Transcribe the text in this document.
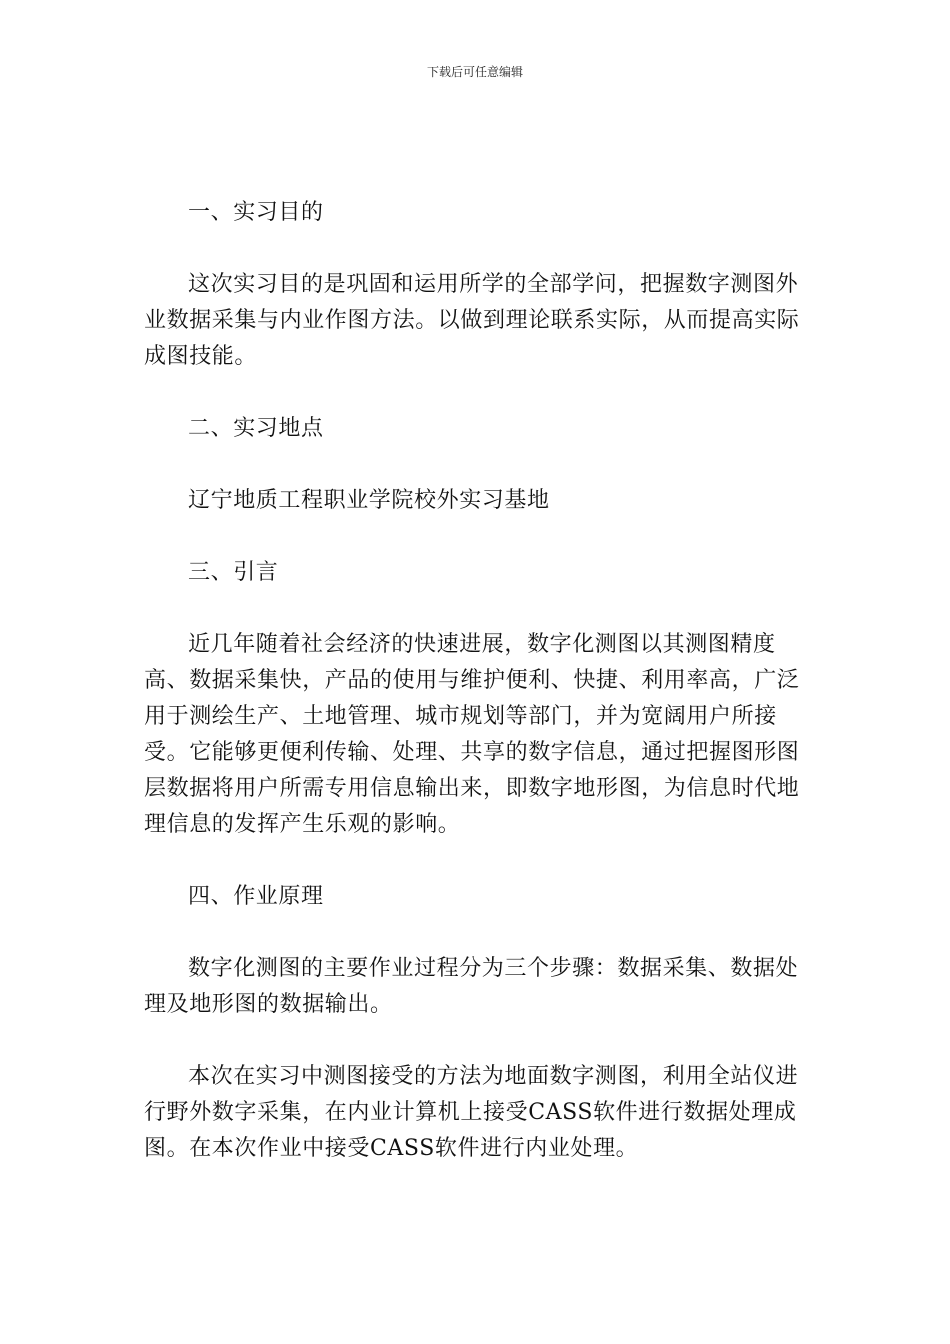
下载后可任意编辑

一、实习目的

这次实习目的是巩固和运用所学的全部学问，把握数字测图外业数据采集与内业作图方法。以做到理论联系实际，从而提高实际成图技能。

二、实习地点

辽宁地质工程职业学院校外实习基地

三、引言

近几年随着社会经济的快速进展，数字化测图以其测图精度高、数据采集快，产品的使用与维护便利、快捷、利用率高，广泛用于测绘生产、土地管理、城市规划等部门，并为宽阔用户所接受。它能够更便利传输、处理、共享的数字信息，通过把握图形图层数据将用户所需专用信息输出来，即数字地形图，为信息时代地理信息的发挥产生乐观的影响。

四、作业原理

数字化测图的主要作业过程分为三个步骤：数据采集、数据处理及地形图的数据输出。

本次在实习中测图接受的方法为地面数字测图，利用全站仪进行野外数字采集，在内业计算机上接受CASS软件进行数据处理成图。在本次作业中接受CASS软件进行内业处理。
